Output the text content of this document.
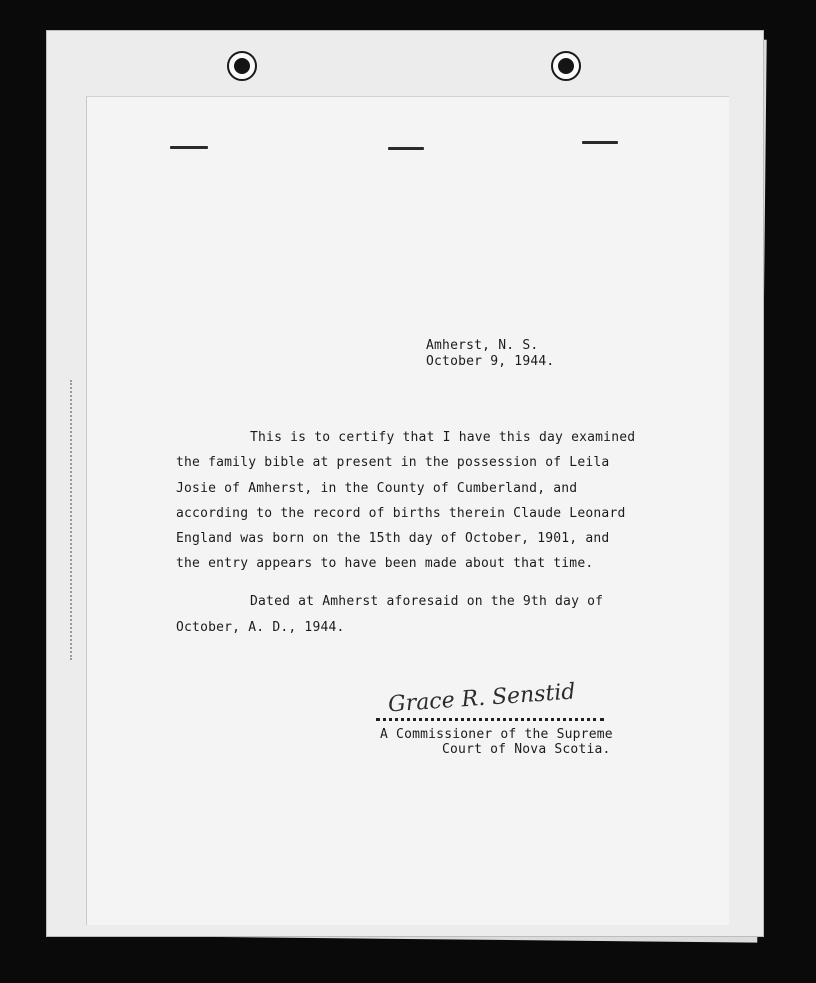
Amherst, N. S.
October 9, 1944.
This is to certify that I have this day examined
the family bible at present in the possession of Leila
Josie of Amherst, in the County of Cumberland, and
according to the record of births therein Claude Leonard
England was born on the 15th day of October, 1901, and
the entry appears to have been made about that time.
Dated at Amherst aforesaid on the 9th day of
October, A. D., 1944.
Grace R. Senstid
A Commissioner of the Supreme
Court of Nova Scotia.
